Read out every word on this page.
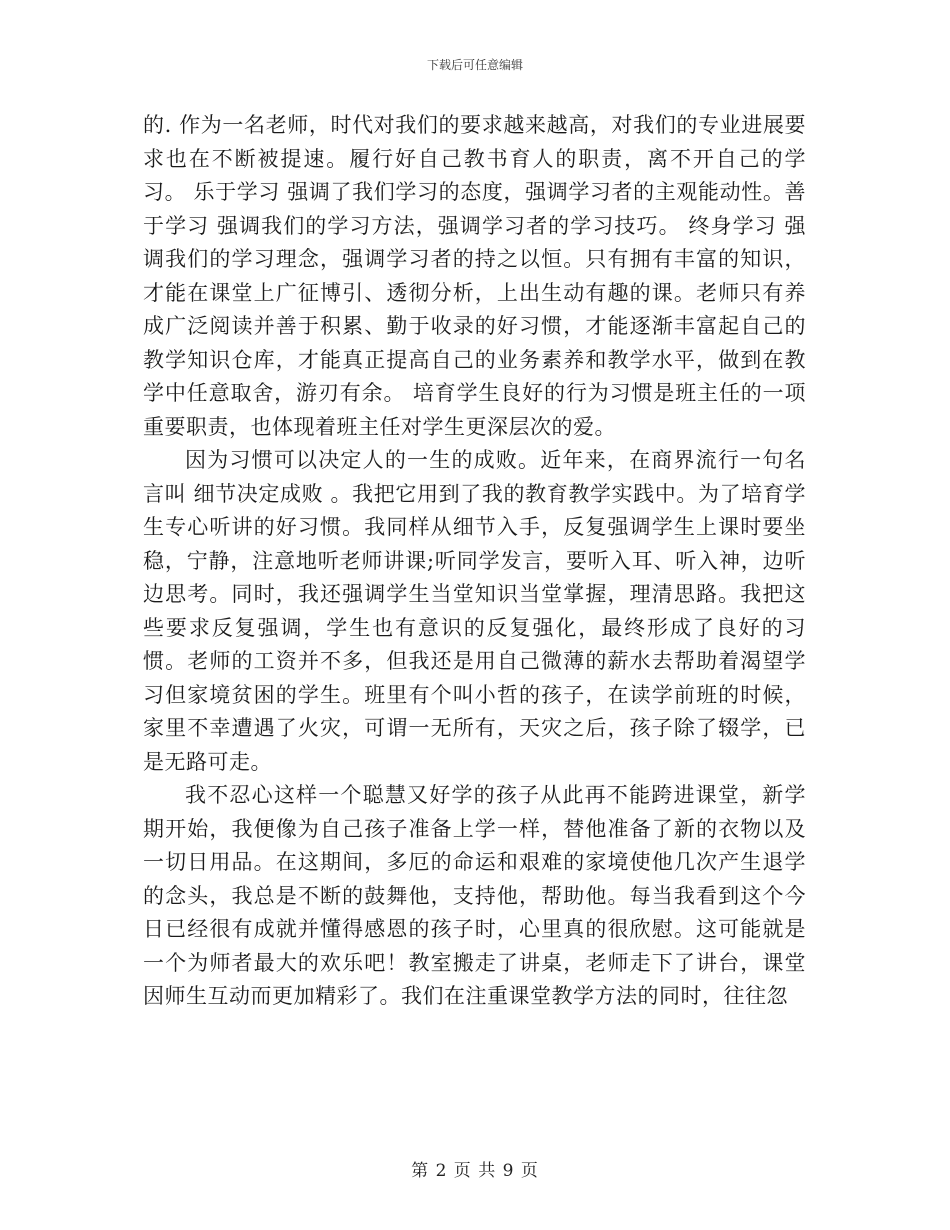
下载后可任意编辑

的. 作为一名老师，时代对我们的要求越来越高，对我们的专业进展要求也在不断被提速。履行好自己教书育人的职责，离不开自己的学习。 乐于学习 强调了我们学习的态度，强调学习者的主观能动性。善于学习 强调我们的学习方法，强调学习者的学习技巧。 终身学习 强调我们的学习理念，强调学习者的持之以恒。只有拥有丰富的知识，才能在课堂上广征博引、透彻分析，上出生动有趣的课。老师只有养成广泛阅读并善于积累、勤于收录的好习惯，才能逐渐丰富起自己的教学知识仓库，才能真正提高自己的业务素养和教学水平，做到在教学中任意取舍，游刃有余。 培育学生良好的行为习惯是班主任的一项重要职责，也体现着班主任对学生更深层次的爱。

因为习惯可以决定人的一生的成败。近年来，在商界流行一句名言叫 细节决定成败 。我把它用到了我的教育教学实践中。为了培育学生专心听讲的好习惯。我同样从细节入手，反复强调学生上课时要坐稳，宁静，注意地听老师讲课;听同学发言，要听入耳、听入神，边听边思考。同时，我还强调学生当堂知识当堂掌握，理清思路。我把这些要求反复强调，学生也有意识的反复强化，最终形成了良好的习惯。老师的工资并不多，但我还是用自己微薄的薪水去帮助着渴望学习但家境贫困的学生。班里有个叫小哲的孩子，在读学前班的时候，家里不幸遭遇了火灾，可谓一无所有，天灾之后，孩子除了辍学，已是无路可走。

我不忍心这样一个聪慧又好学的孩子从此再不能跨进课堂，新学期开始，我便像为自己孩子准备上学一样，替他准备了新的衣物以及一切日用品。在这期间，多厄的命运和艰难的家境使他几次产生退学的念头，我总是不断的鼓舞他，支持他，帮助他。每当我看到这个今日已经很有成就并懂得感恩的孩子时，心里真的很欣慰。这可能就是一个为师者最大的欢乐吧！教室搬走了讲桌，老师走下了讲台，课堂因师生互动而更加精彩了。我们在注重课堂教学方法的同时，往往忽

第 2 页 共 9 页
